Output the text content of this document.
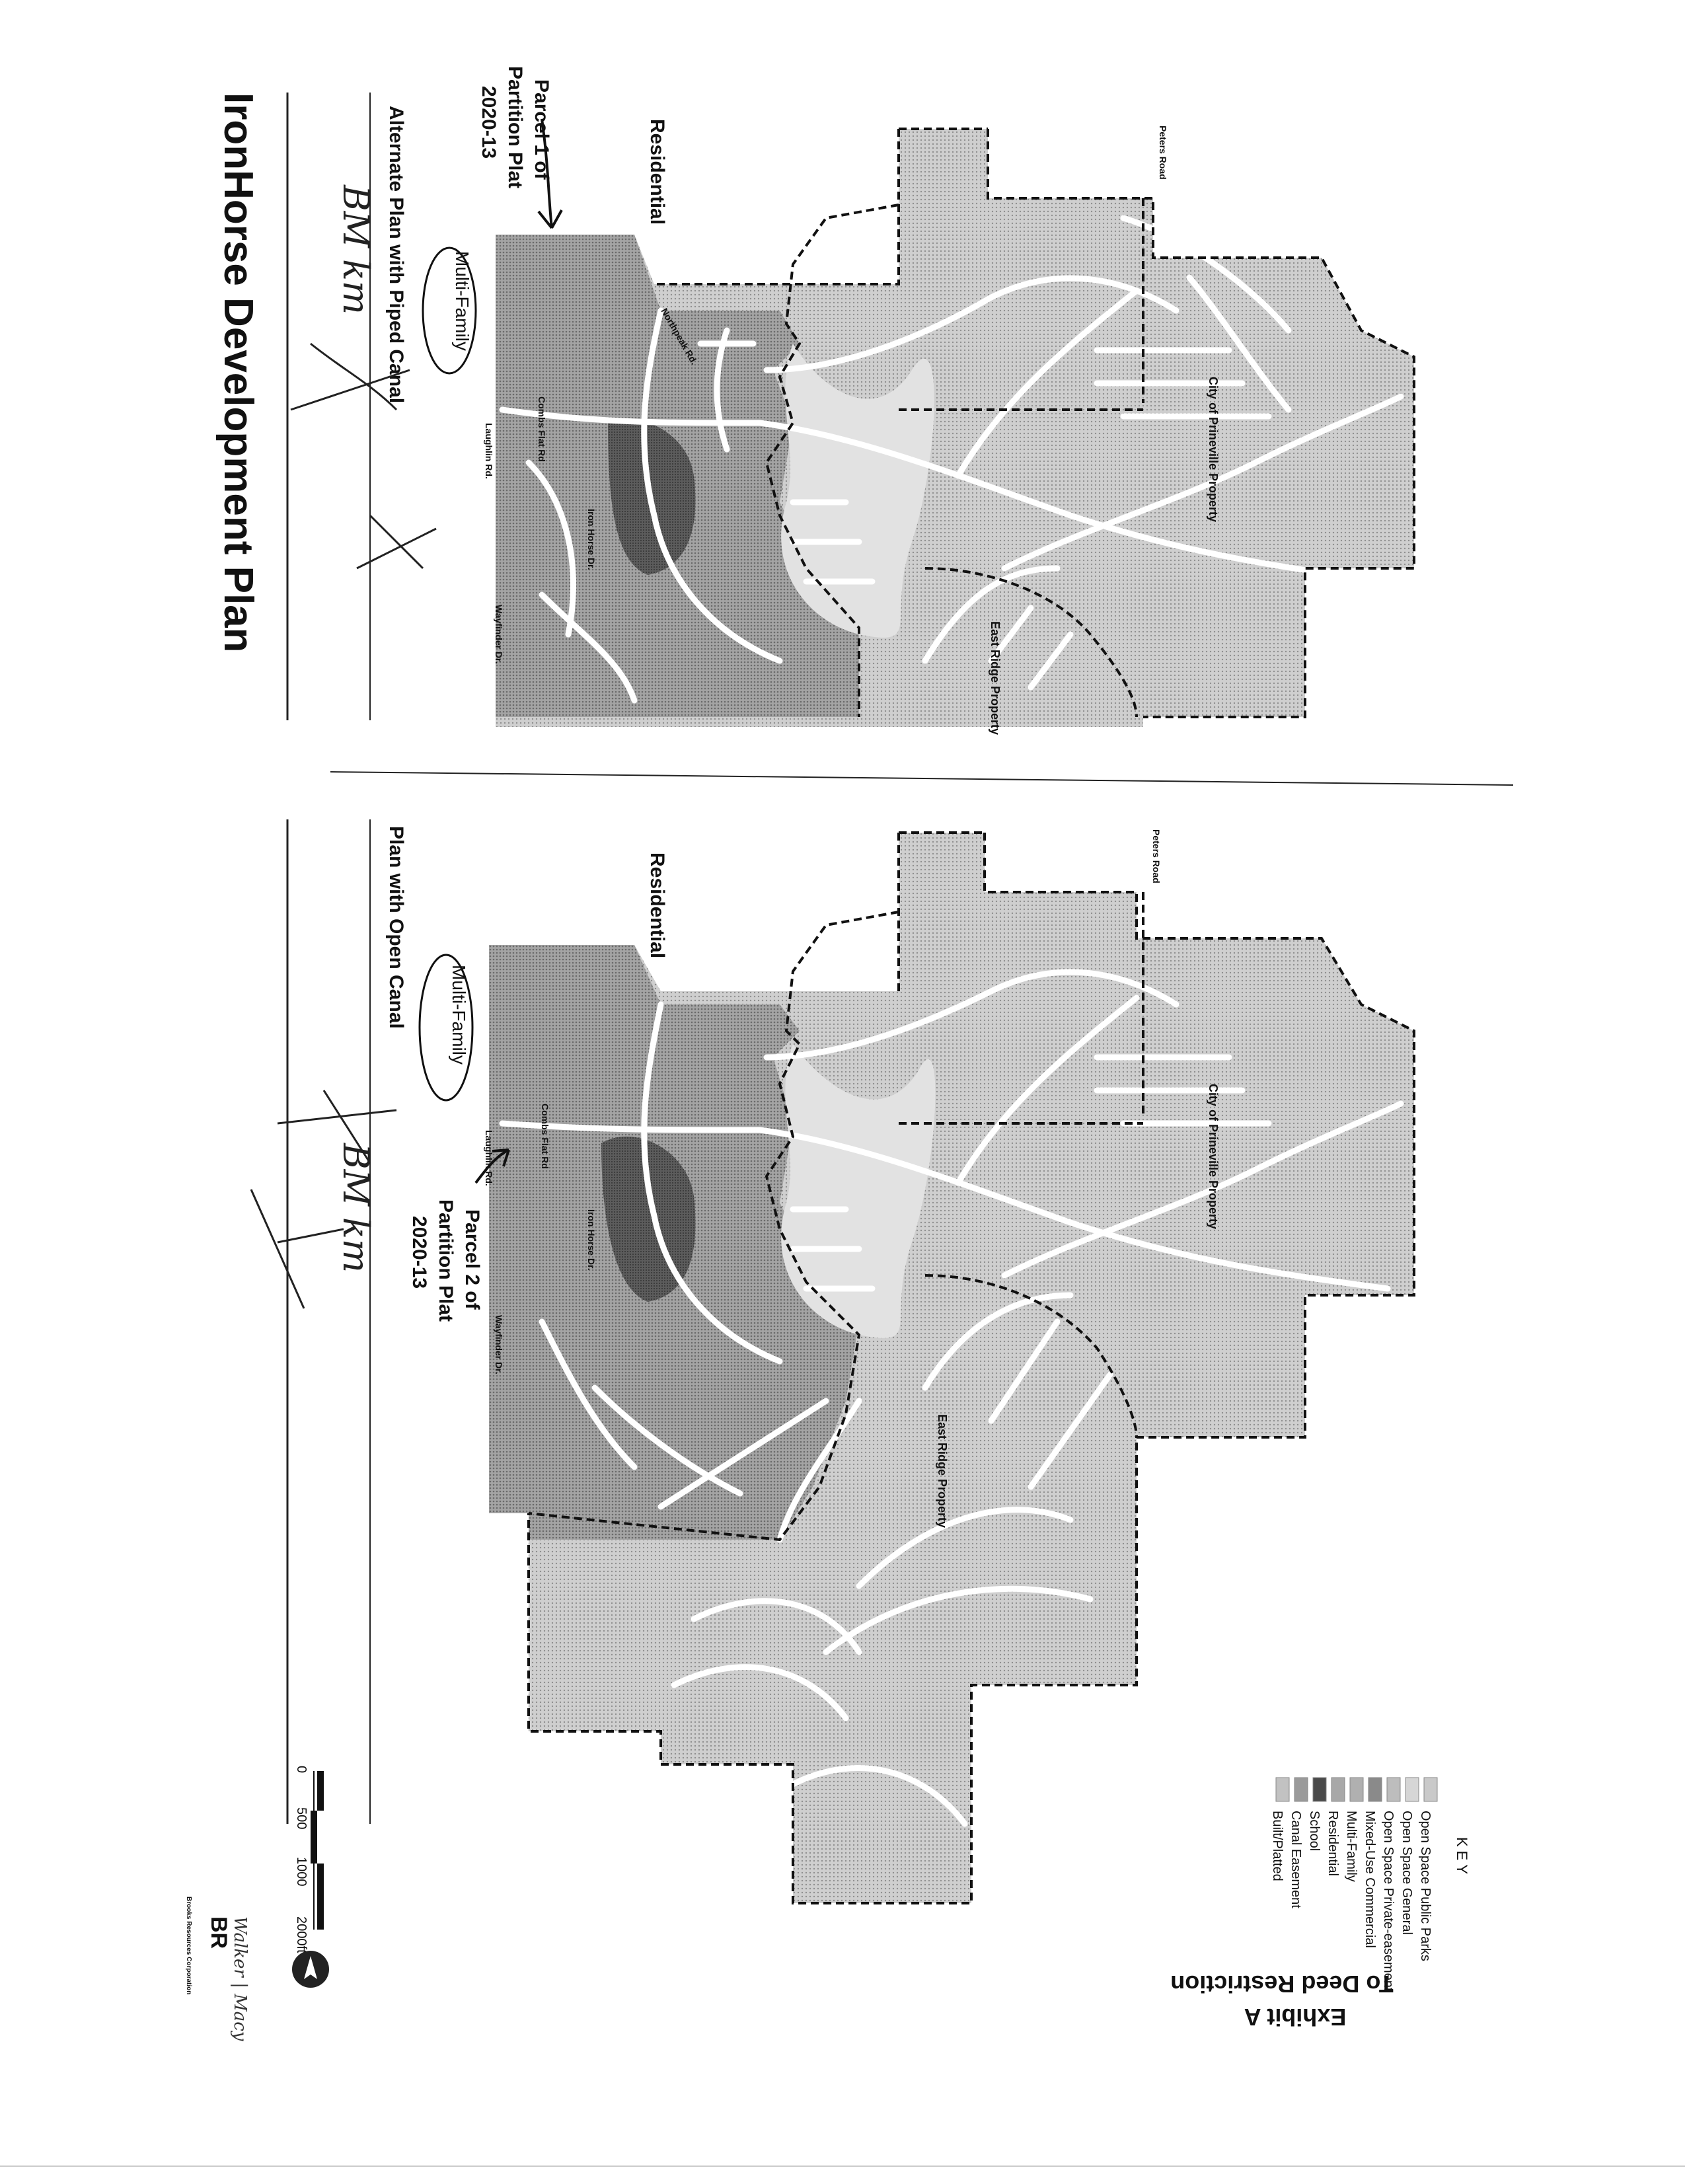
IronHorse Development Plan
Exhibit A
To Deed Restriction
Alternate Plan with Piped Canal	Residential
Parcel 1 of
Partition Plat
2020-13
Multi-Family
BM km
Peters Road
City of Prineville Property
East Ridge Property
Combs Flat Rd
Laughlin Rd.
Iron Horse Dr.
Wayfinder Dr.
Northpeak Rd.
Plan with Open Canal	Residential
Multi-Family
Parcel 2 of
Partition Plat
2020-13
BM km
Peters Road
City of Prineville Property
East Ridge Property
Combs Flat Rd
Laughlin Rd.
Iron Horse Dr.
Wayfinder Dr.
KEY
Open Space Public Parks
Open Space General
Open Space Private-easement
Mixed-Use Commercial
Multi-Family
Residential
School
Canal Easement
Built/Platted
0
500
1000
2000ft
Walker | Macy
BR
Brooks Resources Corporation
